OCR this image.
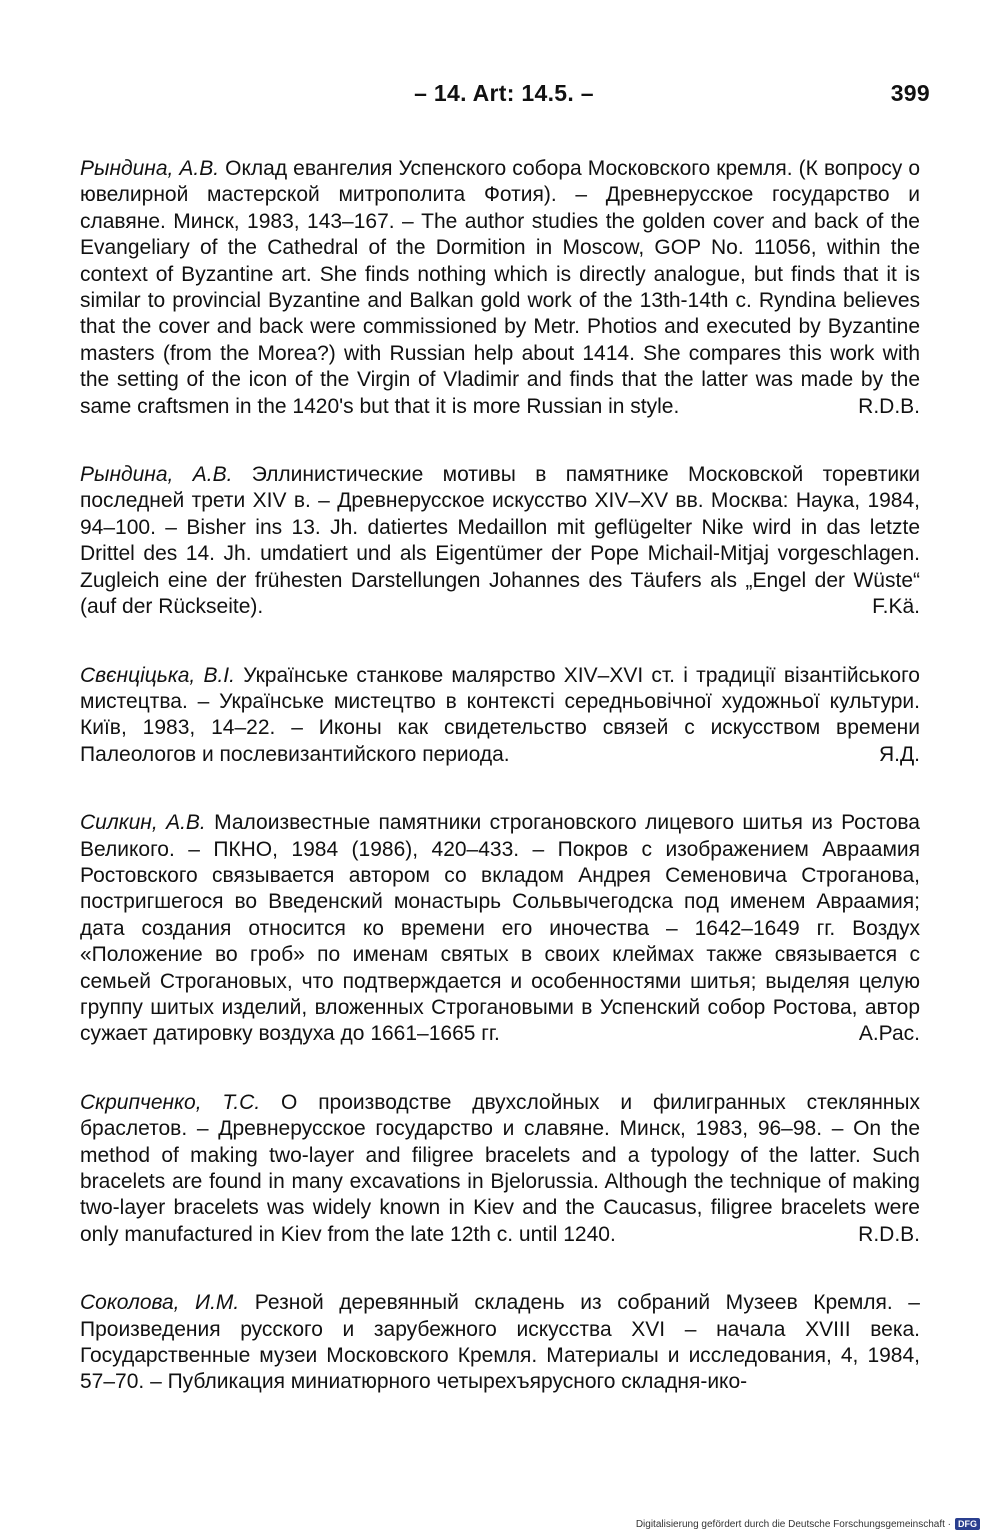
– 14. Art: 14.5. –	399

Рындина, А.В. Оклад евангелия Успенского собора Московского кремля. (К вопросу о ювелирной мастерской митрополита Фотия). – Древнерусское государство и славяне. Минск, 1983, 143–167. – The author studies the golden cover and back of the Evangeliary of the Cathedral of the Dormition in Moscow, GOP No. 11056, within the context of Byzantine art. She finds nothing which is directly analogue, but finds that it is similar to provincial Byzantine and Balkan gold work of the 13th-14th c. Ryndina believes that the cover and back were commissioned by Metr. Photios and executed by Byzantine masters (from the Morea?) with Russian help about 1414. She compares this work with the setting of the icon of the Virgin of Vladimir and finds that the latter was made by the same craftsmen in the 1420's but that it is more Russian in style.	R.D.B.

Рындина, А.В. Эллинистические мотивы в памятнике Московской торевтики последней трети XIV в. – Древнерусское искусство XIV–XV вв. Москва: Наука, 1984, 94–100. – Bisher ins 13. Jh. datiertes Medaillon mit geflügelter Nike wird in das letzte Drittel des 14. Jh. umdatiert und als Eigentümer der Pope Michail-Mitjaj vorgeschlagen. Zugleich eine der frühesten Darstellungen Johannes des Täufers als „Engel der Wüste“ (auf der Rückseite).	F.Kä.

Свєнціцька, В.І. Українське станкове малярство XIV–XVI ст. і традиції візантійського мистецтва. – Українське мистецтво в контексті середньовічної художньої культури. Київ, 1983, 14–22. – Иконы как свидетельство связей с искусством времени Палеологов и послевизантийского периода.	Я.Д.

Силкин, А.В. Малоизвестные памятники строгановского лицевого шитья из Ростова Великого. – ПКНО, 1984 (1986), 420–433. – Покров с изображением Авраамия Ростовского связывается автором со вкладом Андрея Семеновича Строганова, постригшегося во Введенский монастырь Сольвычегодска под именем Авраамия; дата создания относится ко времени его иночества – 1642–1649 гг. Воздух «Положение во гроб» по именам святых в своих клеймах также связывается с семьей Строгановых, что подтверждается и особенностями шитья; выделяя целую группу шитых изделий, вложенных Строгановыми в Успенский собор Ростова, автор сужает датировку воздуха до 1661–1665 гг.	А.Рас.

Скрипченко, Т.С. О производстве двухслойных и филигранных стеклянных браслетов. – Древнерусское государство и славяне. Минск, 1983, 96–98. – On the method of making two-layer and filigree bracelets and a typology of the latter. Such bracelets are found in many excavations in Bjelorussia. Although the technique of making two-layer bracelets was widely known in Kiev and the Caucasus, filigree bracelets were only manufactured in Kiev from the late 12th c. until 1240.	R.D.B.

Соколова, И.М. Резной деревянный складень из собраний Музеев Кремля. – Произведения русского и зарубежного искусства XVI – начала XVIII века. Государственные музеи Московского Кремля. Материалы и исследования, 4, 1984, 57–70. – Публикация миниатюрного четырехъярусного складня-ико-

Digitalisierung gefördert durch die Deutsche Forschungsgemeinschaft · DFG
